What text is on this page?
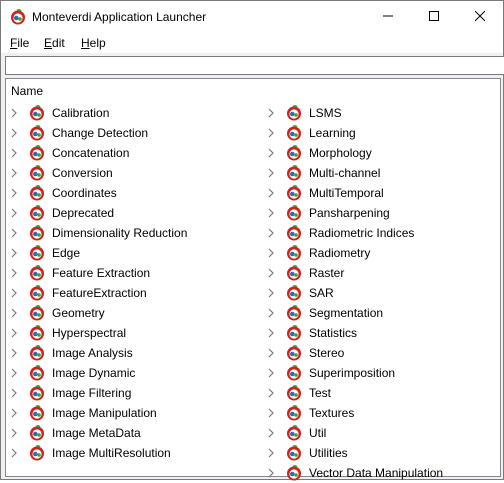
Monteverdi Application Launcher
File Edit Help
Name
Calibration
Change Detection
Concatenation
Conversion
Coordinates
Deprecated
Dimensionality Reduction
Edge
Feature Extraction
FeatureExtraction
Geometry
Hyperspectral
Image Analysis
Image Dynamic
Image Filtering
Image Manipulation
Image MetaData
Image MultiResolution
LSMS
Learning
Morphology
Multi-channel
MultiTemporal
Pansharpening
Radiometric Indices
Radiometry
Raster
SAR
Segmentation
Statistics
Stereo
Superimposition
Test
Textures
Util
Utilities
Vector Data Manipulation
